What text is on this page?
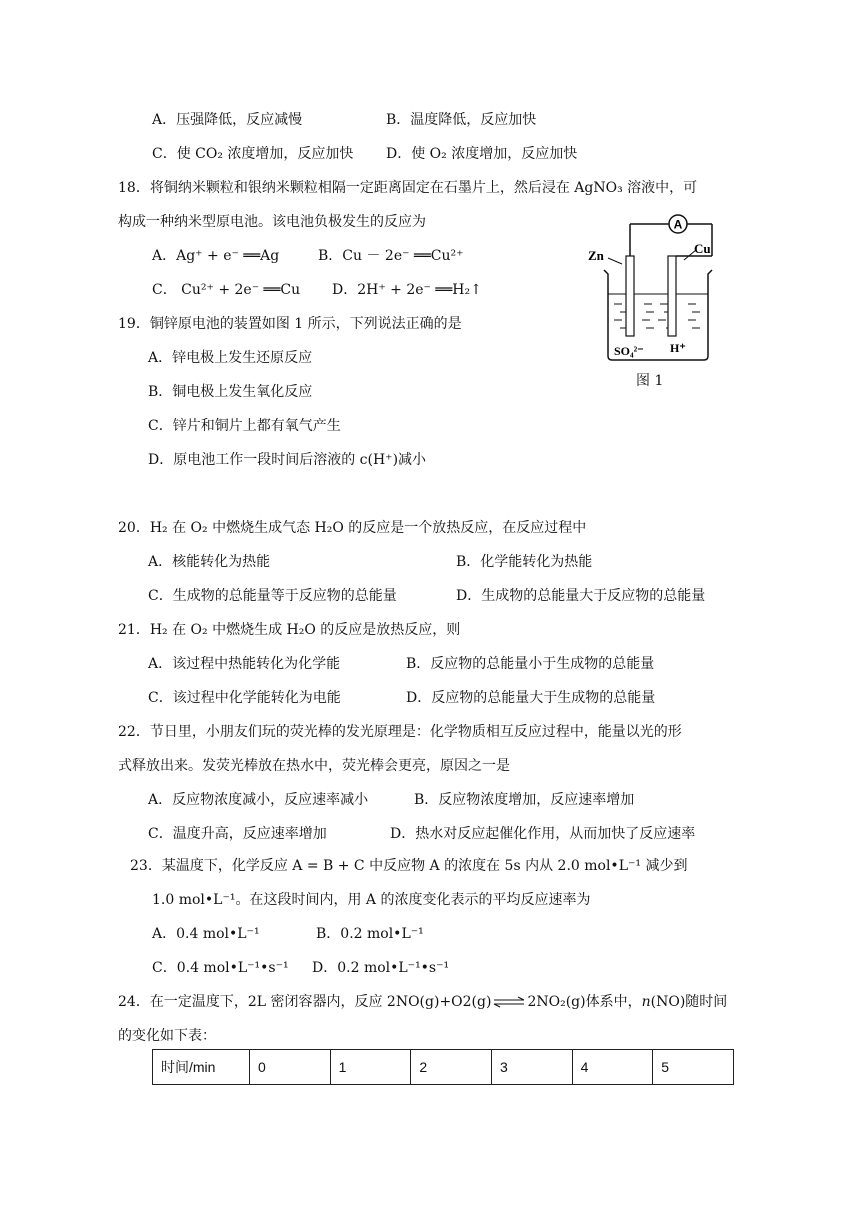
A．压强降低，反应减慢	B．温度降低，反应加快
C．使 CO₂ 浓度增加，反应加快 D．使 O₂ 浓度增加，反应加快
18．将铜纳米颗粒和银纳米颗粒相隔一定距离固定在石墨片上，然后浸在 AgNO₃ 溶液中，可
构成一种纳米型原电池。该电池负极发生的反应为
A．Ag⁺ + e⁻ ══Ag	B．Cu － 2e⁻ ══Cu²⁺
C． Cu²⁺ + 2e⁻ ══Cu D．2H⁺ + 2e⁻ ══H₂↑
A
Zn	Cu
SO₄²⁻ H⁺
图 1
19．铜锌原电池的装置如图 1 所示，下列说法正确的是
A．锌电极上发生还原反应
B．铜电极上发生氧化反应
C．锌片和铜片上都有氧气产生
D．原电池工作一段时间后溶液的 c(H⁺)减小
20．H₂ 在 O₂ 中燃烧生成气态 H₂O 的反应是一个放热反应，在反应过程中
A．核能转化为热能	B．化学能转化为热能
C．生成物的总能量等于反应物的总能量	D．生成物的总能量大于反应物的总能量
21．H₂ 在 O₂ 中燃烧生成 H₂O 的反应是放热反应，则
A．该过程中热能转化为化学能	B．反应物的总能量小于生成物的总能量
C．该过程中化学能转化为电能	D．反应物的总能量大于生成物的总能量
22．节日里，小朋友们玩的荧光棒的发光原理是：化学物质相互反应过程中，能量以光的形
式释放出来。发荧光棒放在热水中，荧光棒会更亮，原因之一是
A．反应物浓度减小，反应速率减小	B．反应物浓度增加，反应速率增加
C．温度升高，反应速率增加	D．热水对反应起催化作用，从而加快了反应速率
23．某温度下，化学反应 A = B + C 中反应物 A 的浓度在 5s 内从 2.0 mol•L⁻¹ 减少到
1.0 mol•L⁻¹。在这段时间内，用 A 的浓度变化表示的平均反应速率为
A．0.4 mol•L⁻¹	B．0.2 mol•L⁻¹
C．0.4 mol•L⁻¹•s⁻¹ D．0.2 mol•L⁻¹•s⁻¹
24．在一定温度下，2L 密闭容器内，反应 2NO(g)+O2(g) ⇌ 2NO₂(g)体系中，n(NO)随时间
的变化如下表：
时间/min	0	1	2	3	4	5
